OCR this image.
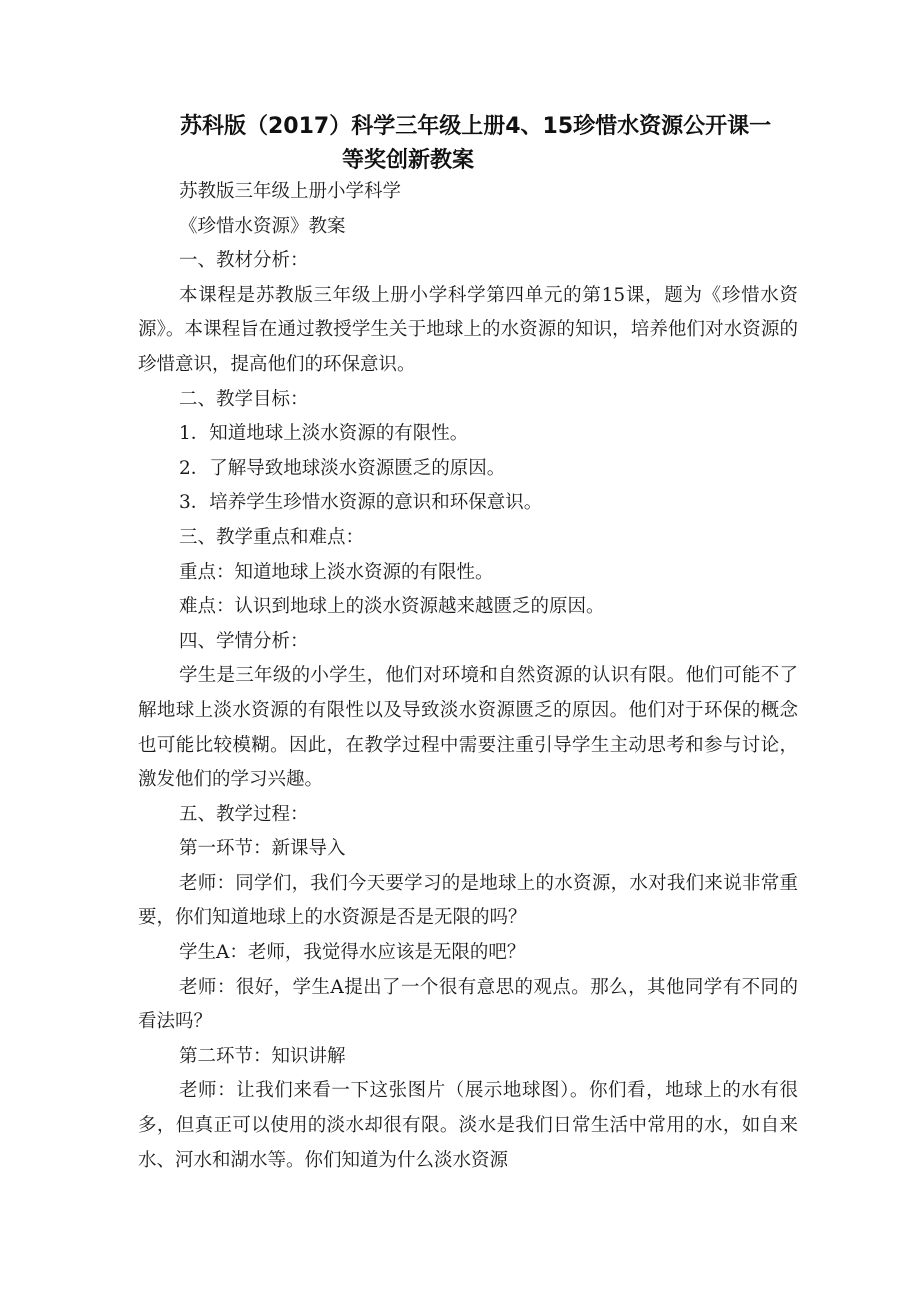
苏科版（2017）科学三年级上册4、15珍惜水资源公开课一
等奖创新教案

苏教版三年级上册小学科学

《珍惜水资源》教案

一、教材分析：

本课程是苏教版三年级上册小学科学第四单元的第15课，题为《珍惜水资源》。本课程旨在通过教授学生关于地球上的水资源的知识，培养他们对水资源的珍惜意识，提高他们的环保意识。

二、教学目标：

1．知道地球上淡水资源的有限性。

2．了解导致地球淡水资源匮乏的原因。

3．培养学生珍惜水资源的意识和环保意识。

三、教学重点和难点：

重点：知道地球上淡水资源的有限性。

难点：认识到地球上的淡水资源越来越匮乏的原因。

四、学情分析：

学生是三年级的小学生，他们对环境和自然资源的认识有限。他们可能不了解地球上淡水资源的有限性以及导致淡水资源匮乏的原因。他们对于环保的概念也可能比较模糊。因此，在教学过程中需要注重引导学生主动思考和参与讨论，激发他们的学习兴趣。

五、教学过程：

第一环节：新课导入

老师：同学们，我们今天要学习的是地球上的水资源，水对我们来说非常重要，你们知道地球上的水资源是否是无限的吗？

学生A：老师，我觉得水应该是无限的吧？

老师：很好，学生A提出了一个很有意思的观点。那么，其他同学有不同的看法吗？

第二环节：知识讲解

老师：让我们来看一下这张图片（展示地球图）。你们看，地球上的水有很多，但真正可以使用的淡水却很有限。淡水是我们日常生活中常用的水，如自来水、河水和湖水等。你们知道为什么淡水资源
